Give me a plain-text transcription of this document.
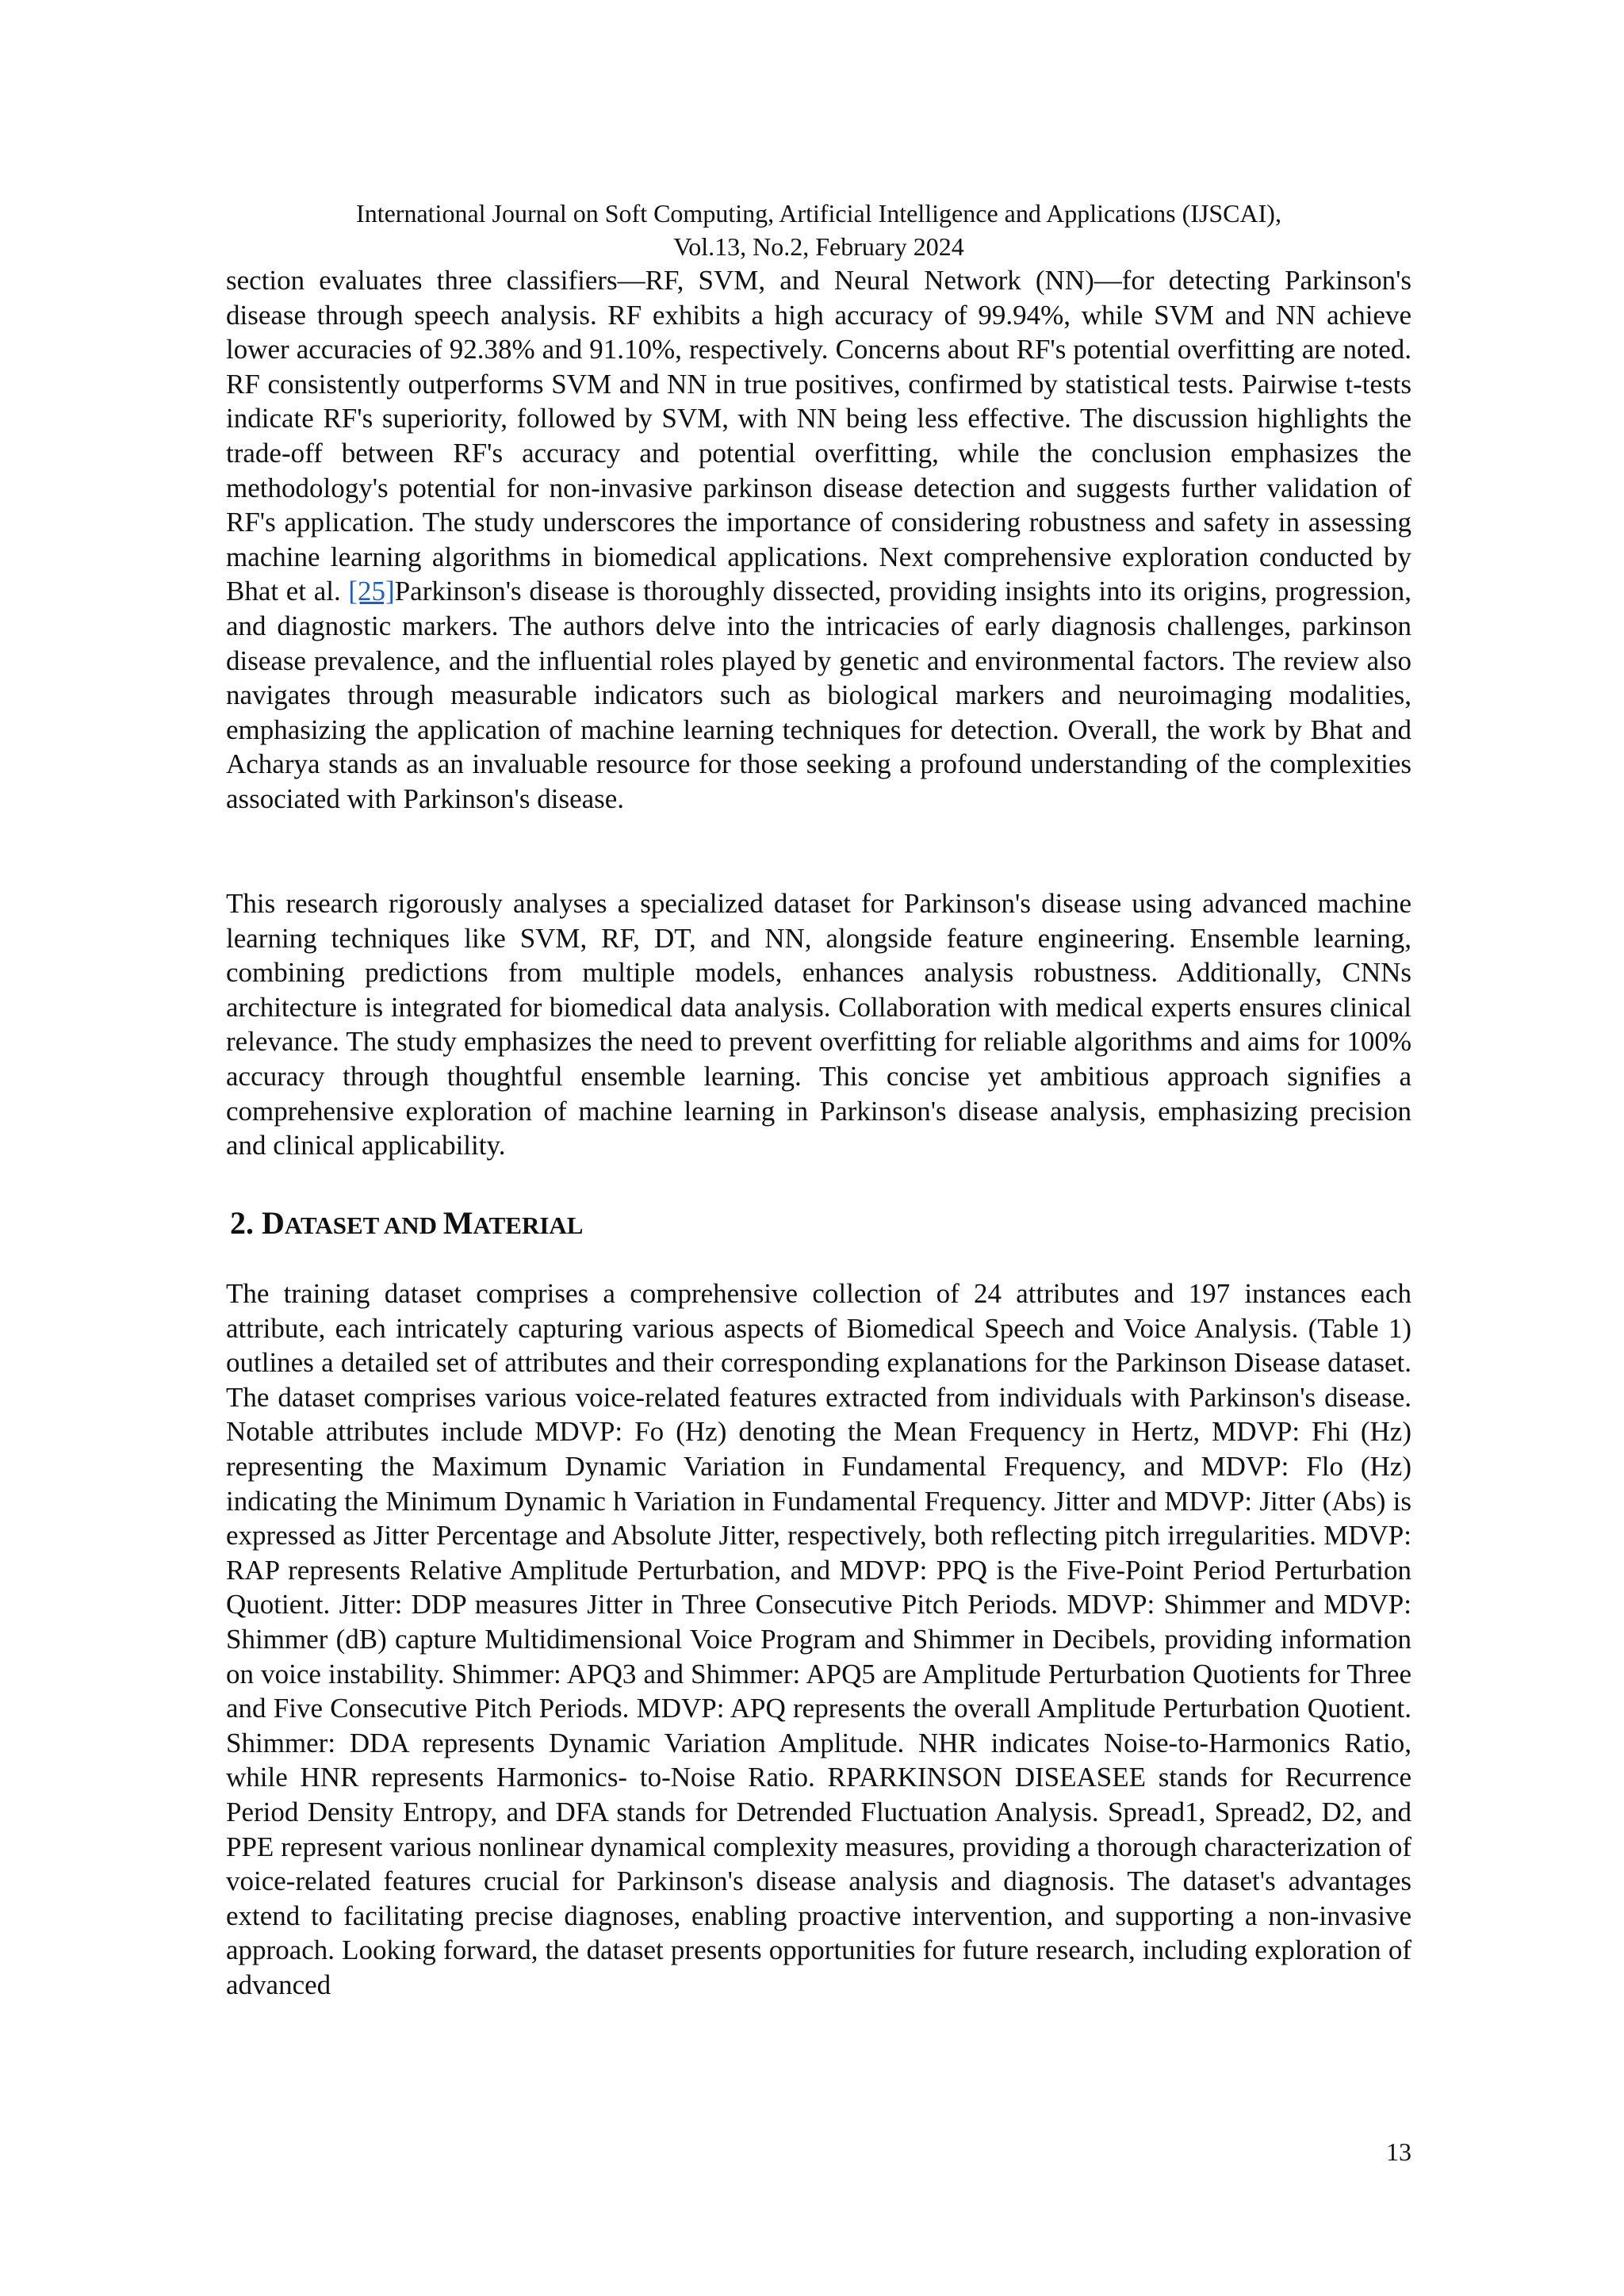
International Journal on Soft Computing, Artificial Intelligence and Applications (IJSCAI),
Vol.13, No.2, February 2024

section evaluates three classifiers—RF, SVM, and Neural Network (NN)—for detecting Parkinson's disease through speech analysis. RF exhibits a high accuracy of 99.94%, while SVM and NN achieve lower accuracies of 92.38% and 91.10%, respectively. Concerns about RF's potential overfitting are noted. RF consistently outperforms SVM and NN in true positives, confirmed by statistical tests. Pairwise t-tests indicate RF's superiority, followed by SVM, with NN being less effective. The discussion highlights the trade-off between RF's accuracy and potential overfitting, while the conclusion emphasizes the methodology's potential for non-invasive parkinson disease detection and suggests further validation of RF's application. The study underscores the importance of considering robustness and safety in assessing machine learning algorithms in biomedical applications. Next comprehensive exploration conducted by Bhat et al. [25]Parkinson's disease is thoroughly dissected, providing insights into its origins, progression, and diagnostic markers. The authors delve into the intricacies of early diagnosis challenges, parkinson disease prevalence, and the influential roles played by genetic and environmental factors. The review also navigates through measurable indicators such as biological markers and neuroimaging modalities, emphasizing the application of machine learning techniques for detection. Overall, the work by Bhat and Acharya stands as an invaluable resource for those seeking a profound understanding of the complexities associated with Parkinson's disease.

This research rigorously analyses a specialized dataset for Parkinson's disease using advanced machine learning techniques like SVM, RF, DT, and NN, alongside feature engineering. Ensemble learning, combining predictions from multiple models, enhances analysis robustness. Additionally, CNNs architecture is integrated for biomedical data analysis. Collaboration with medical experts ensures clinical relevance. The study emphasizes the need to prevent overfitting for reliable algorithms and aims for 100% accuracy through thoughtful ensemble learning. This concise yet ambitious approach signifies a comprehensive exploration of machine learning in Parkinson's disease analysis, emphasizing precision and clinical applicability.

2. DATASET AND MATERIAL

The training dataset comprises a comprehensive collection of 24 attributes and 197 instances each attribute, each intricately capturing various aspects of Biomedical Speech and Voice Analysis. (Table 1) outlines a detailed set of attributes and their corresponding explanations for the Parkinson Disease dataset. The dataset comprises various voice-related features extracted from individuals with Parkinson's disease. Notable attributes include MDVP: Fo (Hz) denoting the Mean Frequency in Hertz, MDVP: Fhi (Hz) representing the Maximum Dynamic Variation in Fundamental Frequency, and MDVP: Flo (Hz) indicating the Minimum Dynamic h Variation in Fundamental Frequency. Jitter and MDVP: Jitter (Abs) is expressed as Jitter Percentage and Absolute Jitter, respectively, both reflecting pitch irregularities. MDVP: RAP represents Relative Amplitude Perturbation, and MDVP: PPQ is the Five-Point Period Perturbation Quotient. Jitter: DDP measures Jitter in Three Consecutive Pitch Periods. MDVP: Shimmer and MDVP: Shimmer (dB) capture Multidimensional Voice Program and Shimmer in Decibels, providing information on voice instability. Shimmer: APQ3 and Shimmer: APQ5 are Amplitude Perturbation Quotients for Three and Five Consecutive Pitch Periods. MDVP: APQ represents the overall Amplitude Perturbation Quotient. Shimmer: DDA represents Dynamic Variation Amplitude. NHR indicates Noise-to-Harmonics Ratio, while HNR represents Harmonics- to-Noise Ratio. RPARKINSON DISEASEE stands for Recurrence Period Density Entropy, and DFA stands for Detrended Fluctuation Analysis. Spread1, Spread2, D2, and PPE represent various nonlinear dynamical complexity measures, providing a thorough characterization of voice-related features crucial for Parkinson's disease analysis and diagnosis. The dataset's advantages extend to facilitating precise diagnoses, enabling proactive intervention, and supporting a non-invasive approach. Looking forward, the dataset presents opportunities for future research, including exploration of advanced

13
